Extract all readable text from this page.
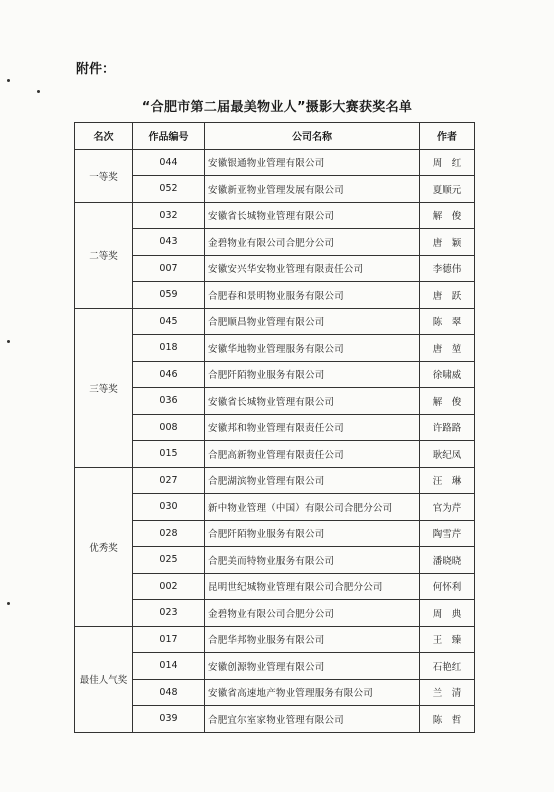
附件：
“合肥市第二届最美物业人”摄影大赛获奖名单
名次	作品编号	公司名称	作者
一等奖	044	安徽银通物业管理有限公司	周　红
	052	安徽新亚物业管理发展有限公司	夏顺元
二等奖	032	安徽省长城物业管理有限公司	解　俊
	043	金碧物业有限公司合肥分公司	唐　颖
	007	安徽安兴华安物业管理有限责任公司	李德伟
	059	合肥春和景明物业服务有限公司	唐　跃
三等奖	045	合肥顺昌物业管理有限公司	陈　翠
	018	安徽华地物业管理服务有限公司	唐　堃
	046	合肥阡陌物业服务有限公司	徐啸威
	036	安徽省长城物业管理有限公司	解　俊
	008	安徽邦和物业管理有限责任公司	许路路
	015	合肥高新物业管理有限责任公司	耿纪凤
优秀奖	027	合肥湖滨物业管理有限公司	汪　琳
	030	新中物业管理（中国）有限公司合肥分公司	官为芹
	028	合肥阡陌物业服务有限公司	陶雪芹
	025	合肥美而特物业服务有限公司	潘晓晓
	002	昆明世纪城物业管理有限公司合肥分公司	何怀利
	023	金碧物业有限公司合肥分公司	周　典
最佳人气奖	017	合肥华邦物业服务有限公司	王　臻
	014	安徽创源物业管理有限公司	石艳红
	048	安徽省高速地产物业管理服务有限公司	兰　清
	039	合肥宜尔室家物业管理有限公司	陈　哲
